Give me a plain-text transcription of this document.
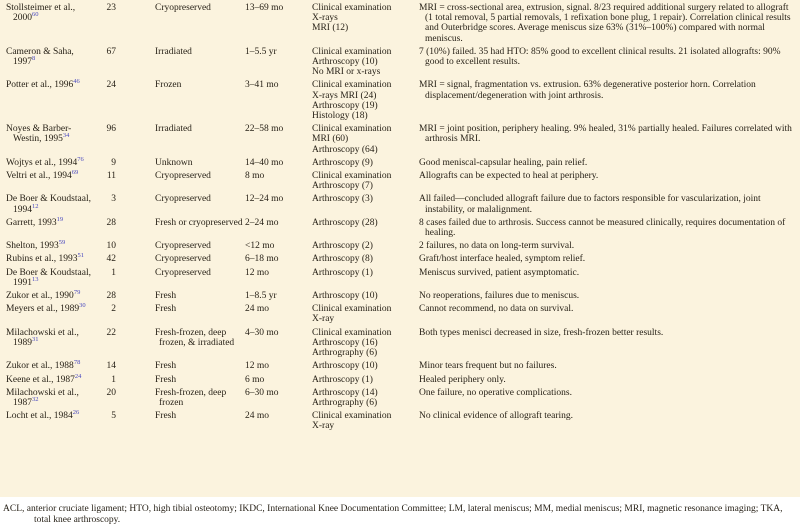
Stollsteimer et al., 2000$^{60}$	23	Cryopreserved	13–69 mo	Clinical examination
X-rays
MRI (12)
	MRI = cross-sectional area, extrusion, signal. 8/23 required additional surgery related to allograft (1 total removal, 5 partial removals, 1 refixation bone plug, 1 repair). Correlation clinical results and Outerbridge scores. Average meniscus size 63% (31%–100%) compared with normal meniscus.
Cameron & Saha, 1997$^8$	67	Irradiated	1–5.5 yr	Clinical examination
Arthroscopy (10)
No MRI or x-rays	7 (10%) failed. 35 had HTO: 85% good to excellent clinical results. 21 isolated allografts: 90% good to excellent results.
Potter et al., 1996$^{46}$	24	Frozen	3–41 mo	Clinical examination
X-rays MRI (24)
Arthroscopy (19)
Histology (18)	MRI = signal, fragmentation vs. extrusion. 63% degenerative posterior horn. Correlation displacement/degeneration with joint arthrosis.
Noyes & Barber-Westin, 1995$^{34}$	96	Irradiated	22–58 mo	Clinical examination
MRI (60)
Arthroscopy (64)	MRI = joint position, periphery healing. 9% healed, 31% partially healed. Failures correlated with arthrosis MRI.
Wojtys et al., 1994$^{76}$	9	Unknown	14–40 mo	Arthroscopy (9)	Good meniscal-capsular healing, pain relief.
Veltri et al., 1994$^{69}$	11	Cryopreserved	8 mo	Clinical examination
Arthroscopy (7)	Allografts can be expected to heal at periphery.
De Boer & Koudstaal, 1994$^{12}$	3	Cryopreserved	12–24 mo	Arthroscopy (3)	All failed—concluded allograft failure due to factors responsible for vascularization, joint instability, or malalignment.
Garrett, 1993$^{19}$	28	Fresh or cryopreserved	2–24 mo	Arthroscopy (28)	8 cases failed due to arthrosis. Success cannot be measured clinically, requires documentation of healing.
Shelton, 1993$^{59}$	10	Cryopreserved	<12 mo	Arthroscopy (2)	2 failures, no data on long-term survival.
Rubins et al., 1993$^{51}$	42	Cryopreserved	6–18 mo	Arthroscopy (8)	Graft/host interface healed, symptom relief.
De Boer & Koudstaal, 1991$^{13}$	1	Cryopreserved	12 mo	Arthroscopy (1)	Meniscus survived, patient asymptomatic.
Zukor et al., 1990$^{79}$	28	Fresh	1–8.5 yr	Arthroscopy (10)	No reoperations, failures due to meniscus.
Meyers et al., 1989$^{30}$	2	Fresh	24 mo	Clinical examination
X-ray	Cannot recommend, no data on survival.
Milachowski et al., 1989$^{31}$	22	Fresh-frozen, deep frozen, & irradiated	4–30 mo	Clinical examination
Arthroscopy (16)
Arthrography (6)	Both types menisci decreased in size, fresh-frozen better results.
Zukor et al., 1988$^{78}$	14	Fresh	12 mo	Arthroscopy (10)	Minor tears frequent but no failures.
Keene et al., 1987$^{24}$	1	Fresh	6 mo	Arthroscopy (1)	Healed periphery only.
Milachowski et al., 1987$^{32}$	20	Fresh-frozen, deep frozen	6–30 mo	Arthroscopy (14)
Arthrography (6)	One failure, no operative complications.
Locht et al., 1984$^{26}$	5	Fresh	24 mo	Clinical examination
X-ray	No clinical evidence of allograft tearing.
ACL, anterior cruciate ligament; HTO, high tibial osteotomy; IKDC, International Knee Documentation Committee; LM, lateral meniscus; MM, medial meniscus; MRI, magnetic resonance imaging; TKA, total knee arthroscopy.
